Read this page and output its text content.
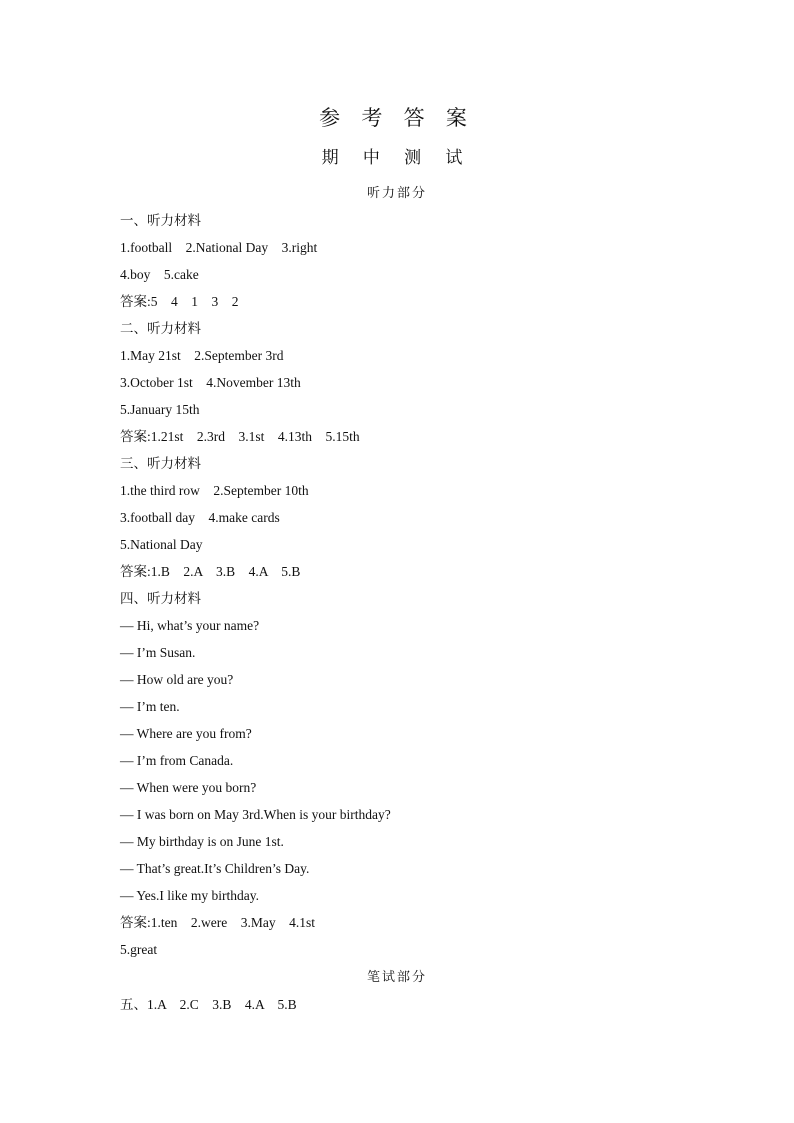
参 考 答 案
期 中 测 试
听力部分
一、听力材料
1.football    2.National Day    3.right
4.boy    5.cake
答案:5    4    1    3    2
二、听力材料
1.May 21st    2.September 3rd
3.October 1st    4.November 13th
5.January 15th
答案:1.21st    2.3rd    3.1st    4.13th    5.15th
三、听力材料
1.the third row    2.September 10th
3.football day    4.make cards
5.National Day
答案:1.B    2.A    3.B    4.A    5.B
四、听力材料
— Hi, what’s your name?
— I’m Susan.
— How old are you?
— I’m ten.
— Where are you from?
— I’m from Canada.
— When were you born?
— I was born on May 3rd.When is your birthday?
— My birthday is on June 1st.
— That’s great.It’s Children’s Day.
— Yes.I like my birthday.
答案:1.ten    2.were    3.May    4.1st
5.great
笔试部分
五、1.A    2.C    3.B    4.A    5.B
